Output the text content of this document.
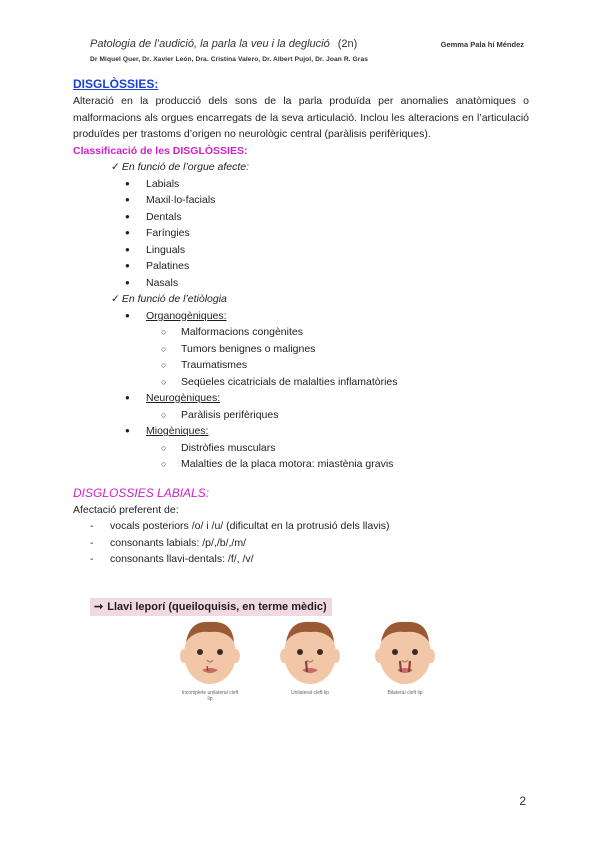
Patologia de l’audició, la parla la veu i la deglució (2n)	Gemma Pala hí Méndez
Dr Miquel Quer, Dr. Xavier León, Dra. Cristina Valero, Dr. Albert Pujol, Dr. Joan R. Gras
DISGLÒSSIES:

Alteració en la producció dels sons de la parla produïda per anomalies anatòmiques o malformacions als orgues encarregats de la seva articulació. Inclou les alteracions en l’articulació produïdes per trastoms d’origen no neurològic central (paràlisis perifèriques).

Classificació de les DISGLÒSSIES:
✓ En funció de l’orgue afecte:
● Labials
● Maxil·lo-facials
● Dentals
● Faríngies
● Linguals
● Palatines
● Nasals
✓ En funció de l’etiòlogia
● Organogèniques:
○ Malformacions congènites
○ Tumors benignes o malignes
○ Traumatismes
○ Seqüeles cicatricials de malalties inflamatòries
● Neurogèniques:
○ Paràlisis perifèriques
● Miogèniques:
○ Distròfies musculars
○ Malalties de la placa motora: miastènia gravis
DISGLOSSIES LABIALS:
Afectació preferent de:
- vocals posteriors /o/ i /u/ (dificultat en la protrusió dels llavis)
- consonants labials: /p/,/b/,/m/
- consonants llavi-dentals: /f/, /v/
➞ Llavi leporí (queiloquisis, en terme mèdic)
Incomplete unilateral cleft lip
Unilateral cleft lip	Bilateral cleft lip
2
